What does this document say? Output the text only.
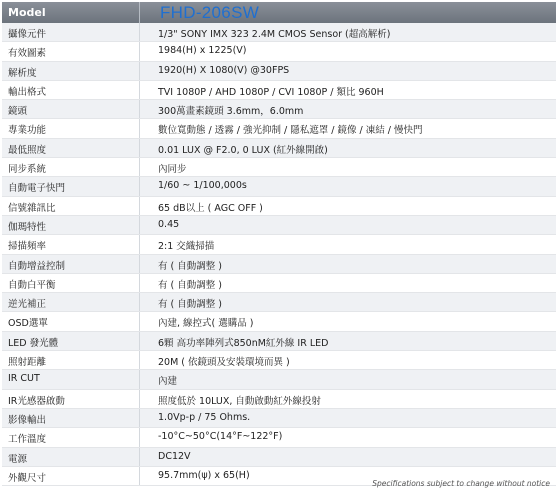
Model	FHD-206SW
攝像元件	1/3" SONY IMX 323 2.4M CMOS Sensor (超高解析)
有效圖素	1984(H) x 1225(V)
解析度	1920(H) X 1080(V) @30FPS
輸出格式	TVI 1080P / AHD 1080P / CVI 1080P / 類比 960H
鏡頭	300萬畫素鏡頭 3.6mm，6.0mm
專業功能	數位寬動態 / 透霧 / 強光抑制 / 隱私遮罩 / 鏡像 / 凍結 / 慢快門
最低照度	0.01 LUX @ F2.0, 0 LUX (紅外線開啟)
同步系統	內同步
自動電子快門	1/60 ~ 1/100,000s
信號雜訊比	65 dB以上 ( AGC OFF )
伽瑪特性	0.45
掃描頻率	2:1 交織掃描
自動增益控制	有 ( 自動調整 )
自動白平衡	有 ( 自動調整 )
逆光補正	有 ( 自動調整 )
OSD選單	內建, 線控式( 選購品 )
LED 發光體	6顆 高功率陣列式850nM紅外線 IR LED
照射距離	20M ( 依鏡頭及安裝環境而異 )
IR CUT	內建
IR光感器啟動	照度低於 10LUX, 自動啟動紅外線投射
影像輸出	1.0Vp-p / 75 Ohms.
工作溫度	-10°C~50°C(14°F~122°F)
電源	DC12V
外觀尺寸	95.7mm(ψ) x 65(H)
Specifications subject to change without notice
